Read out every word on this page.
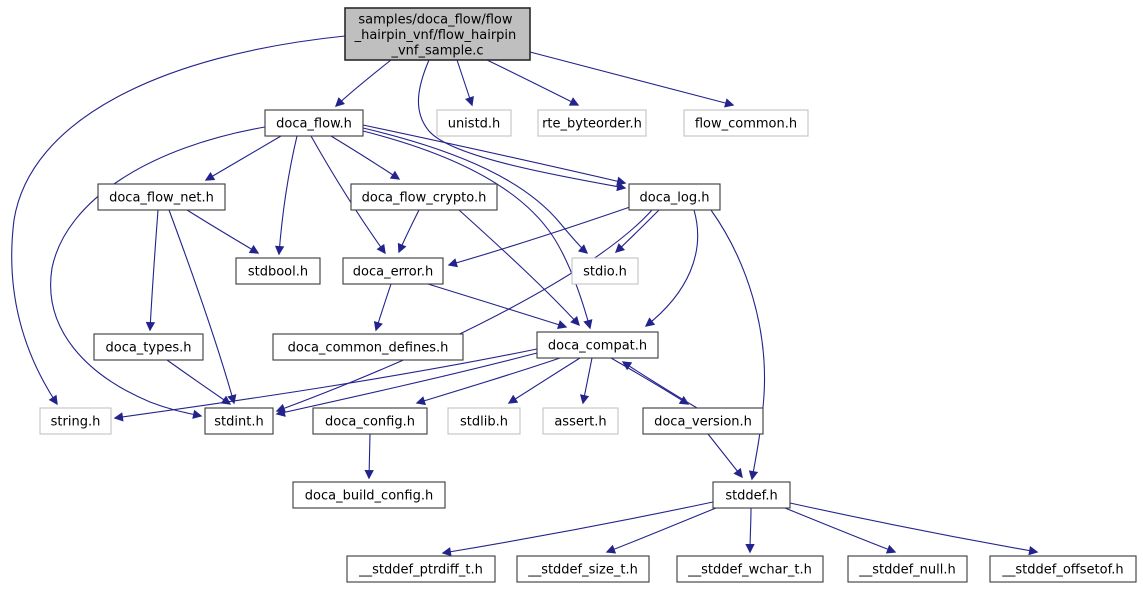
samples/doca_flow/flow _hairpin_vnf/flow_hairpin _vnf_sample.c
doca_flow.h	unistd.h	rte_byteorder.h	flow_common.h
doca_flow_net.h	doca_flow_crypto.h	doca_log.h
stdbool.h	doca_error.h	stdio.h
doca_types.h	doca_common_defines.h	doca_compat.h
string.h	stdint.h	doca_config.h	stdlib.h	assert.h	doca_version.h
doca_build_config.h	stddef.h
__stddef_ptrdiff_t.h	__stddef_size_t.h	__stddef_wchar_t.h	__stddef_null.h	__stddef_offsetof.h
